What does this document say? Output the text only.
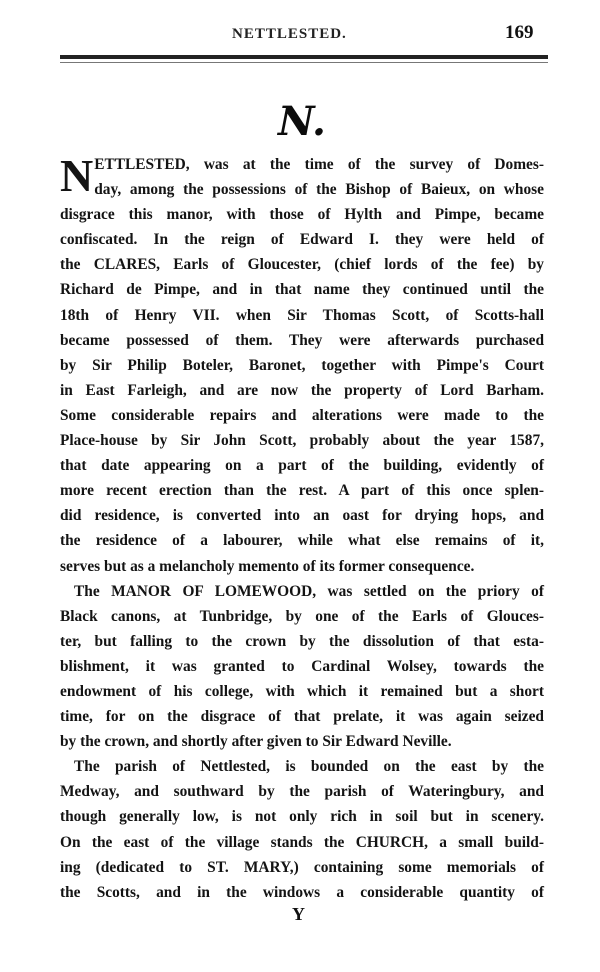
NETTLESTED.	169
N.
N ETTLESTED, was at the time of the survey of Domes-
day, among the possessions of the Bishop of Baieux, on whose
disgrace this manor, with those of Hylth and Pimpe, became
confiscated. In the reign of Edward I. they were held of
the CLARES, Earls of Gloucester, (chief lords of the fee) by
Richard de Pimpe, and in that name they continued until the
18th of Henry VII. when Sir Thomas Scott, of Scotts-hall
became possessed of them. They were afterwards purchased
by Sir Philip Boteler, Baronet, together with Pimpe's Court
in East Farleigh, and are now the property of Lord Barham.
Some considerable repairs and alterations were made to the
Place-house by Sir John Scott, probably about the year 1587,
that date appearing on a part of the building, evidently of
more recent erection than the rest. A part of this once splen-
did residence, is converted into an oast for drying hops, and
the residence of a labourer, while what else remains of it,
serves but as a melancholy memento of its former consequence.
The MANOR OF LOMEWOOD, was settled on the priory of
Black canons, at Tunbridge, by one of the Earls of Glouces-
ter, but falling to the crown by the dissolution of that esta-
blishment, it was granted to Cardinal Wolsey, towards the
endowment of his college, with which it remained but a short
time, for on the disgrace of that prelate, it was again seized
by the crown, and shortly after given to Sir Edward Neville.
The parish of Nettlested, is bounded on the east by the
Medway, and southward by the parish of Wateringbury, and
though generally low, is not only rich in soil but in scenery.
On the east of the village stands the CHURCH, a small build-
ing (dedicated to ST. MARY,) containing some memorials of
the Scotts, and in the windows a considerable quantity of
Y
